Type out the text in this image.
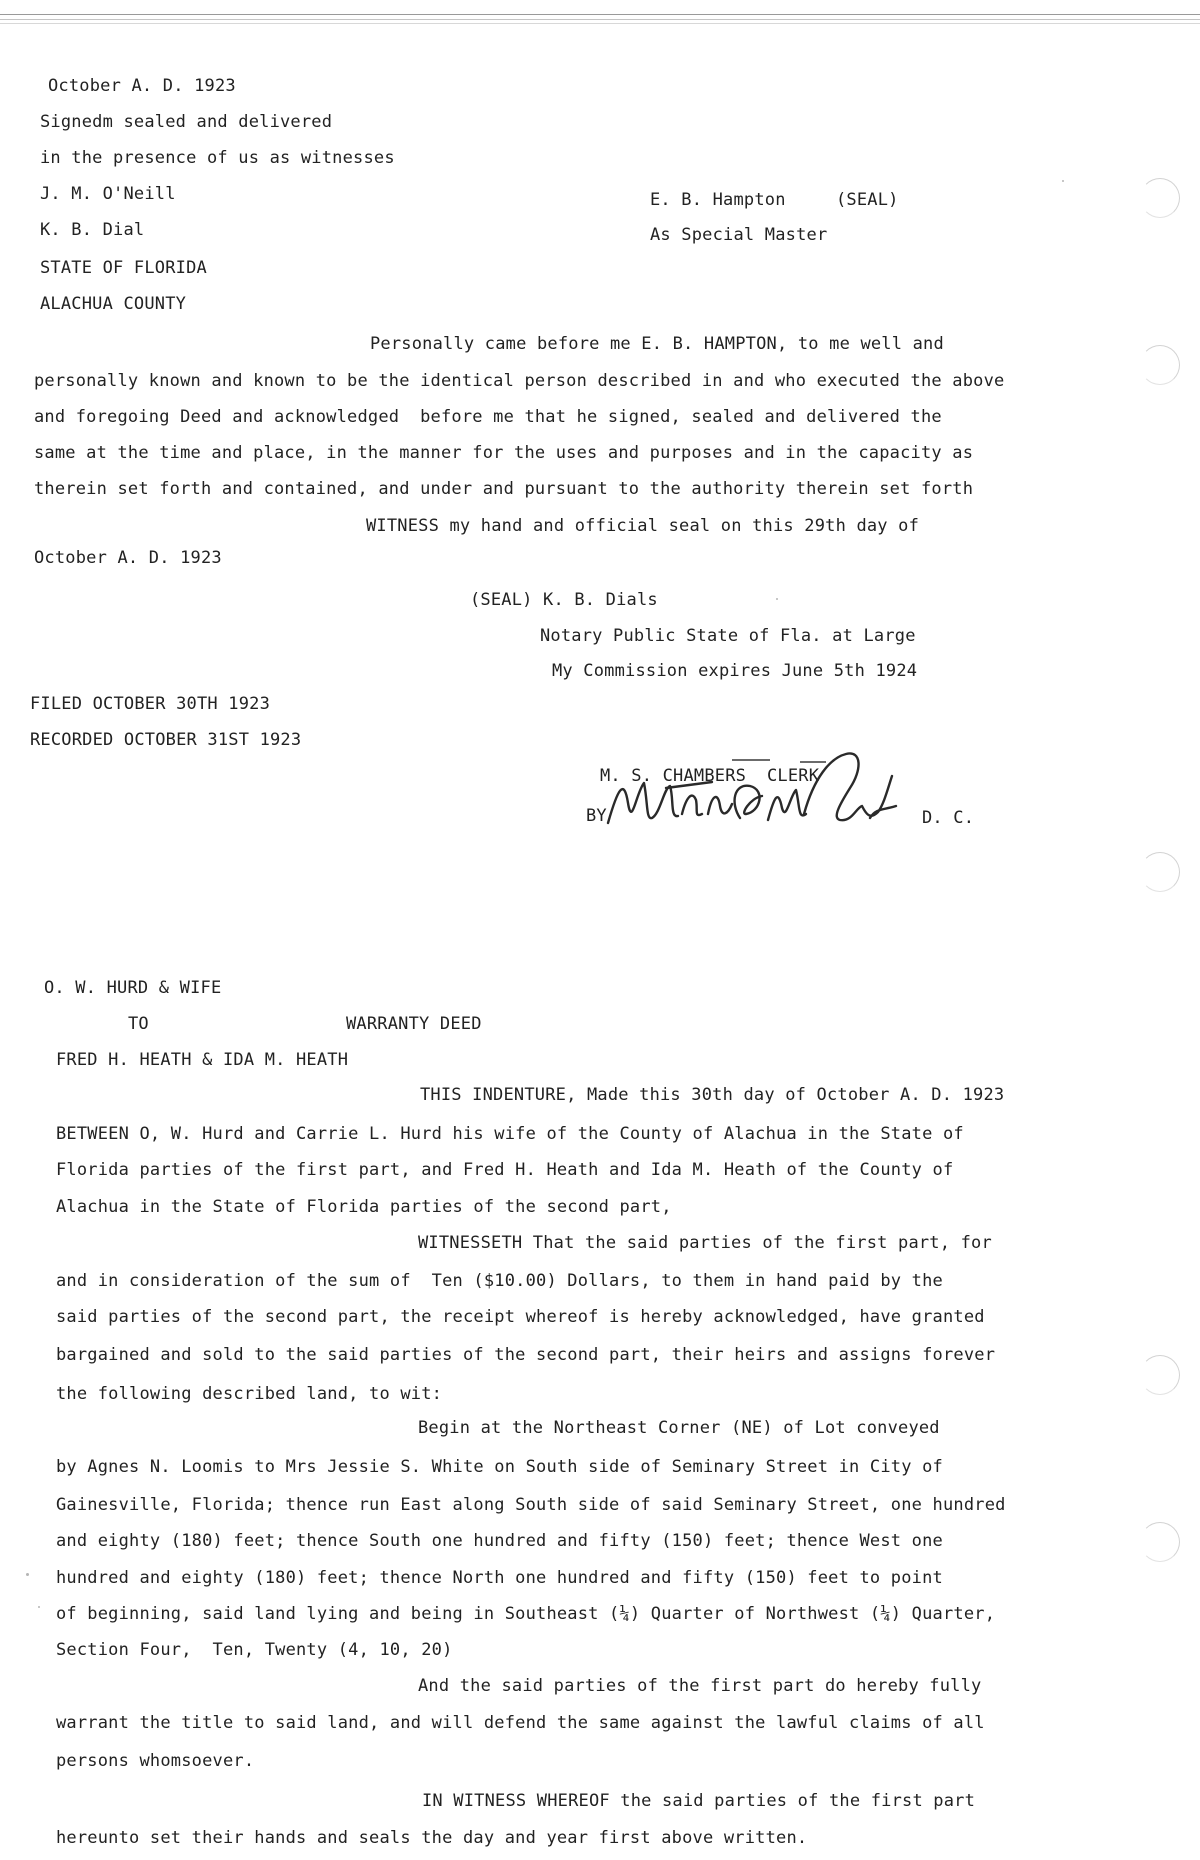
October A. D. 1923
Signedm sealed and delivered
in the presence of us as witnesses
J. M. O'Neill	E. B. Hampton	(SEAL)
K. B. Dial	As Special Master
STATE OF FLORIDA
ALACHUA COUNTY
Personally came before me E. B. HAMPTON, to me well and
personally known and known to be the identical person described in and who executed the above
and foregoing Deed and acknowledged  before me that he signed, sealed and delivered the
same at the time and place, in the manner for the uses and purposes and in the capacity as
therein set forth and contained, and under and pursuant to the authority therein set forth
WITNESS my hand and official seal on this 29th day of
October A. D. 1923
(SEAL) K. B. Dials
Notary Public State of Fla. at Large
My Commission expires June 5th 1924
FILED OCTOBER 30TH 1923
RECORDED OCTOBER 31ST 1923
M. S. CHAMBERS  CLERK
BY	D. C.
O. W. HURD & WIFE
TO	WARRANTY DEED
FRED H. HEATH & IDA M. HEATH
THIS INDENTURE, Made this 30th day of October A. D. 1923
BETWEEN O, W. Hurd and Carrie L. Hurd his wife of the County of Alachua in the State of
Florida parties of the first part, and Fred H. Heath and Ida M. Heath of the County of
Alachua in the State of Florida parties of the second part,
WITNESSETH That the said parties of the first part, for
and in consideration of the sum of  Ten ($10.00) Dollars, to them in hand paid by the
said parties of the second part, the receipt whereof is hereby acknowledged, have granted
bargained and sold to the said parties of the second part, their heirs and assigns forever
the following described land, to wit:
Begin at the Northeast Corner (NE) of Lot conveyed
by Agnes N. Loomis to Mrs Jessie S. White on South side of Seminary Street in City of
Gainesville, Florida; thence run East along South side of said Seminary Street, one hundred
and eighty (180) feet; thence South one hundred and fifty (150) feet; thence West one
hundred and eighty (180) feet; thence North one hundred and fifty (150) feet to point
of beginning, said land lying and being in Southeast (¼) Quarter of Northwest (¼) Quarter,
Section Four,  Ten, Twenty (4, 10, 20)
And the said parties of the first part do hereby fully
warrant the title to said land, and will defend the same against the lawful claims of all
persons whomsoever.
IN WITNESS WHEREOF the said parties of the first part
hereunto set their hands and seals the day and year first above written.
